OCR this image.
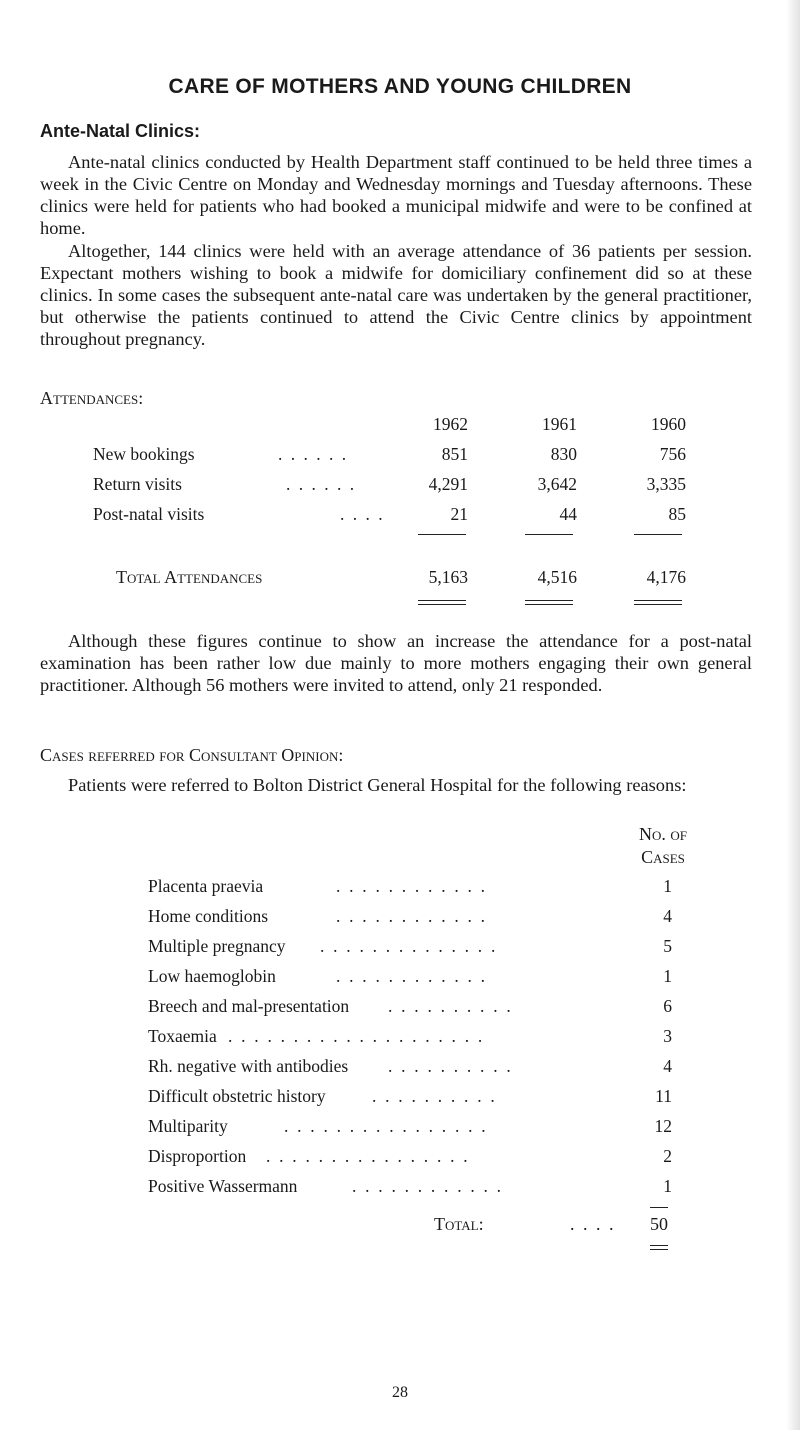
CARE OF MOTHERS AND YOUNG CHILDREN
Ante-Natal Clinics:

Ante-natal clinics conducted by Health Department staff continued to be held three times a week in the Civic Centre on Monday and Wednesday mornings and Tuesday afternoons. These clinics were held for patients who had booked a municipal midwife and were to be confined at home.

Altogether, 144 clinics were held with an average attendance of 36 patients per session. Expectant mothers wishing to book a midwife for domiciliary confinement did so at these clinics. In some cases the subsequent ante-natal care was undertaken by the general practitioner, but otherwise the patients continued to attend the Civic Centre clinics by appointment throughout pregnancy.

Attendances:
1962	1961	1960
New bookings	. . . . . .	851	830	756
Return visits	. . . . . .	4,291	3,642	3,335
Post-natal visits	. . . .	21	44	85
Total Attendances	5,163	4,516	4,176

Although these figures continue to show an increase the attendance for a post-natal examination has been rather low due mainly to more mothers engaging their own general practitioner. Although 56 mothers were invited to attend, only 21 responded.

Cases referred for Consultant Opinion:

Patients were referred to Bolton District General Hospital for the following reasons:

No. of
Cases
Placenta praevia	. . . . . . . . . . . .	1
Home conditions	. . . . . . . . . . . .	4
Multiple pregnancy . . . . . . . . . . . . . .	5
Low haemoglobin	. . . . . . . . . . . .	1
Breech and mal-presentation . . . . . . . . . .	6
Toxaemia . . . . . . . . . . . . . . . . . . . .	3
Rh. negative with antibodies . . . . . . . . . .	4
Difficult obstetric history	. . . . . . . . . .	11
Multiparity	. . . . . . . . . . . . . . . .	12
Disproportion . . . . . . . . . . . . . . . .	2
Positive Wassermann	. . . . . . . . . . . .	1
Total:	. . . . 50
28
